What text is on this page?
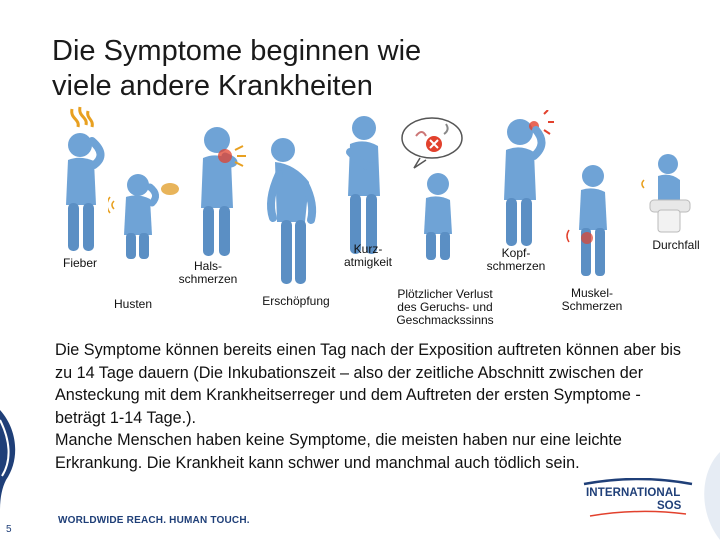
5
Die Symptome beginnen wie
viele andere Krankheiten
Fieber
Husten
Hals-
schmerzen
Erschöpfung
Kurz-
atmigkeit
Plötzlicher Verlust
des Geruchs- und
Geschmackssinns
Kopf-
schmerzen
Muskel-
Schmerzen
Durchfall

Die Symptome können bereits einen Tag nach der Exposition auftreten können aber bis zu 14 Tage dauern (Die Inkubationszeit – also der zeitliche Abschnitt zwischen der Ansteckung mit dem Krankheitserreger und dem Auftreten der ersten Symptome - beträgt 1-14 Tage.).

Manche Menschen haben keine Symptome, die meisten haben nur eine leichte Erkrankung. Die Krankheit kann schwer und manchmal auch tödlich sein.

WORLDWIDE REACH. HUMAN TOUCH.
INTERNATIONAL
SOS
